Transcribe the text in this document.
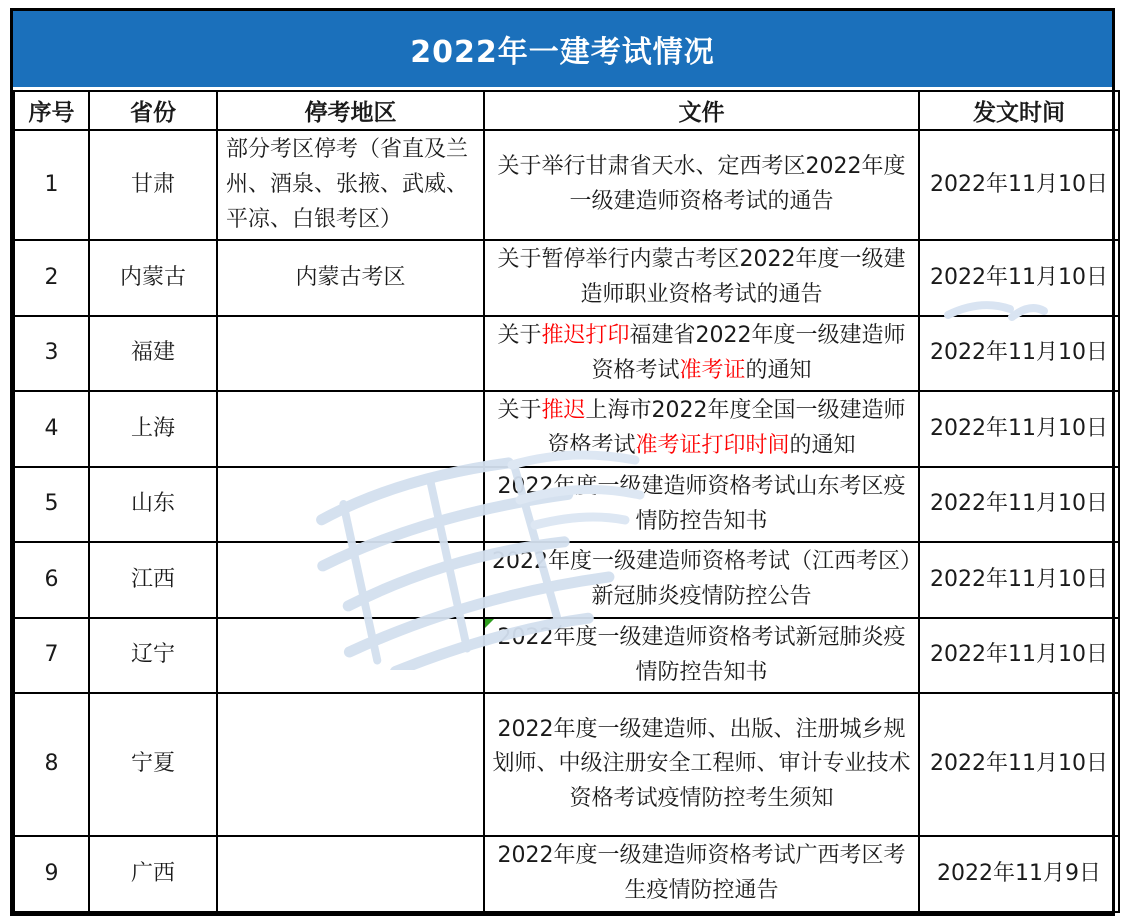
2022年一建考试情况
序号	省份	停考地区	文件	发文时间
1	甘肃	部分考区停考（省直及兰州、酒泉、张掖、武威、平凉、白银考区）	关于举行甘肃省天水、定西考区2022年度一级建造师资格考试的通告	2022年11月10日
2	内蒙古	内蒙古考区	关于暂停举行内蒙古考区2022年度一级建造师职业资格考试的通告	2022年11月10日
3	福建		关于推迟打印福建省2022年度一级建造师资格考试准考证的通知	2022年11月10日
4	上海		关于推迟上海市2022年度全国一级建造师资格考试准考证打印时间的通知	2022年11月10日
5	山东		2022年度一级建造师资格考试山东考区疫情防控告知书	2022年11月10日
6	江西		2022年度一级建造师资格考试（江西考区）新冠肺炎疫情防控公告	2022年11月10日
7	辽宁		2022年度一级建造师资格考试新冠肺炎疫情防控告知书	2022年11月10日
8	宁夏		2022年度一级建造师、出版、注册城乡规划师、中级注册安全工程师、审计专业技术资格考试疫情防控考生须知	2022年11月10日
9	广西		2022年度一级建造师资格考试广西考区考生疫情防控通告	2022年11月9日
